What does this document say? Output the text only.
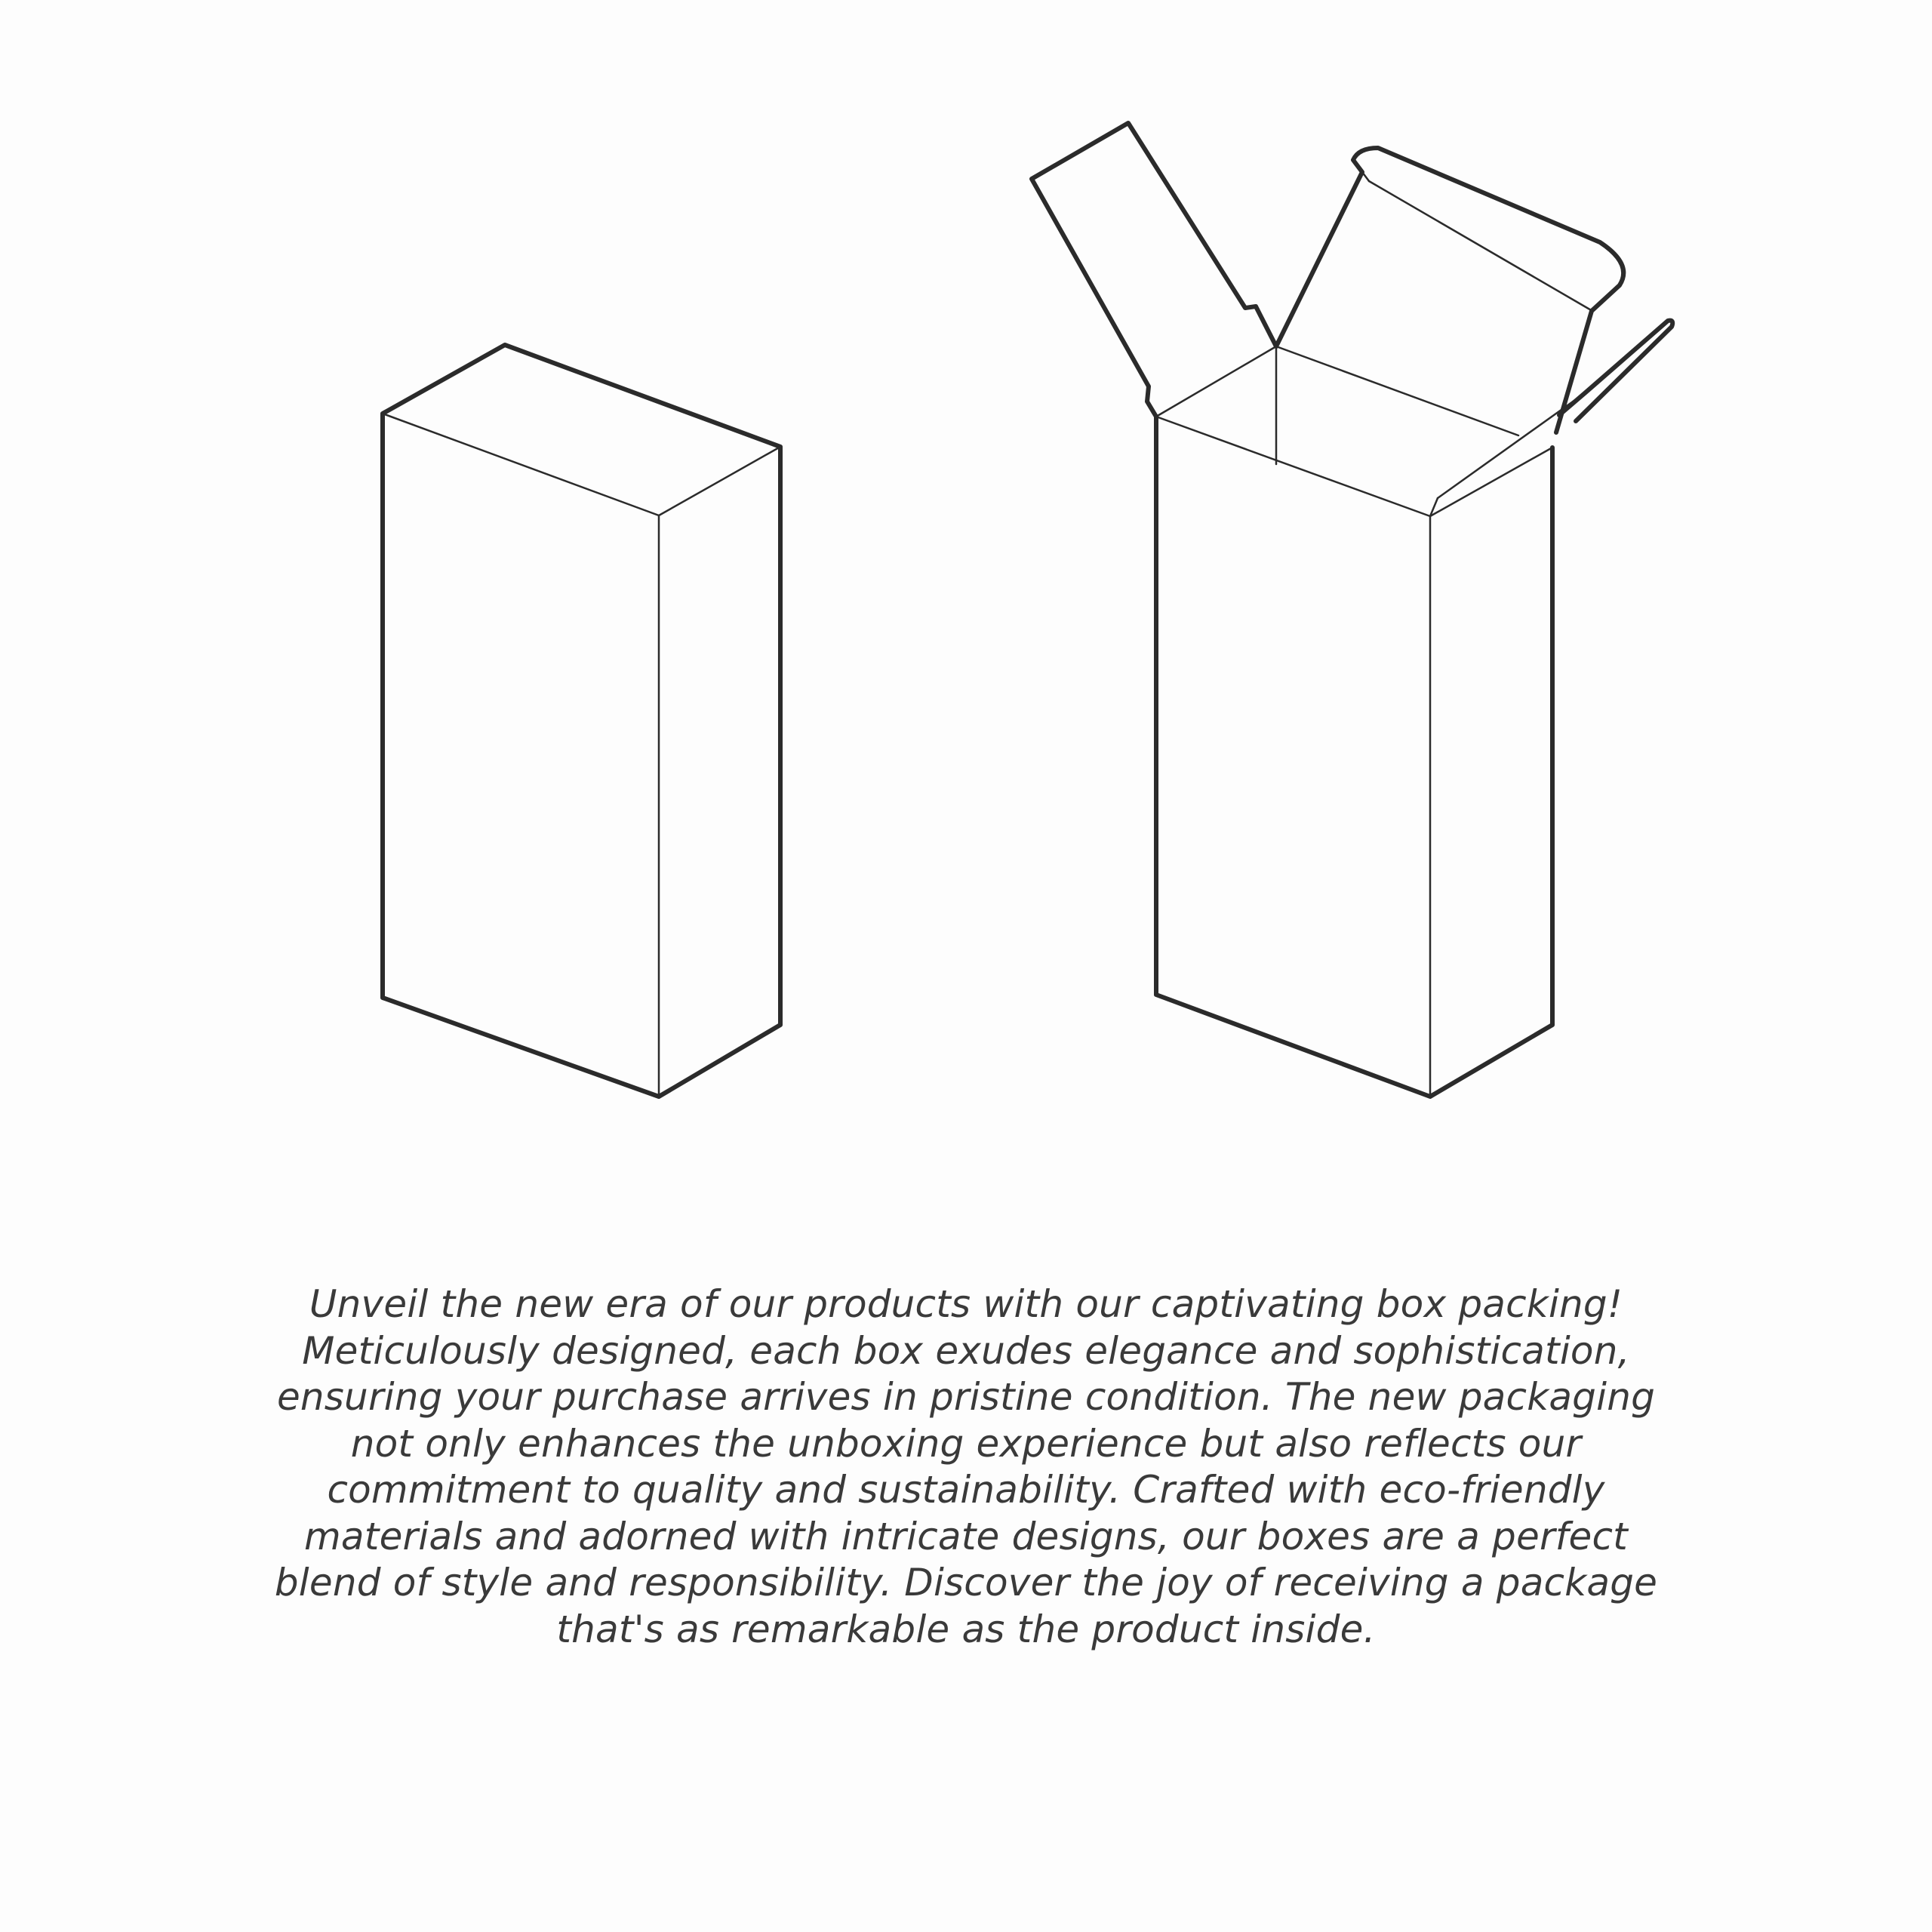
Unveil the new era of our products with our captivating box packing!
Meticulously designed, each box exudes elegance and sophistication,
ensuring your purchase arrives in pristine condition. The new packaging
not only enhances the unboxing experience but also reflects our
commitment to quality and sustainability. Crafted with eco-friendly
materials and adorned with intricate designs, our boxes are a perfect
blend of style and responsibility. Discover the joy of receiving a package
that's as remarkable as the product inside.
